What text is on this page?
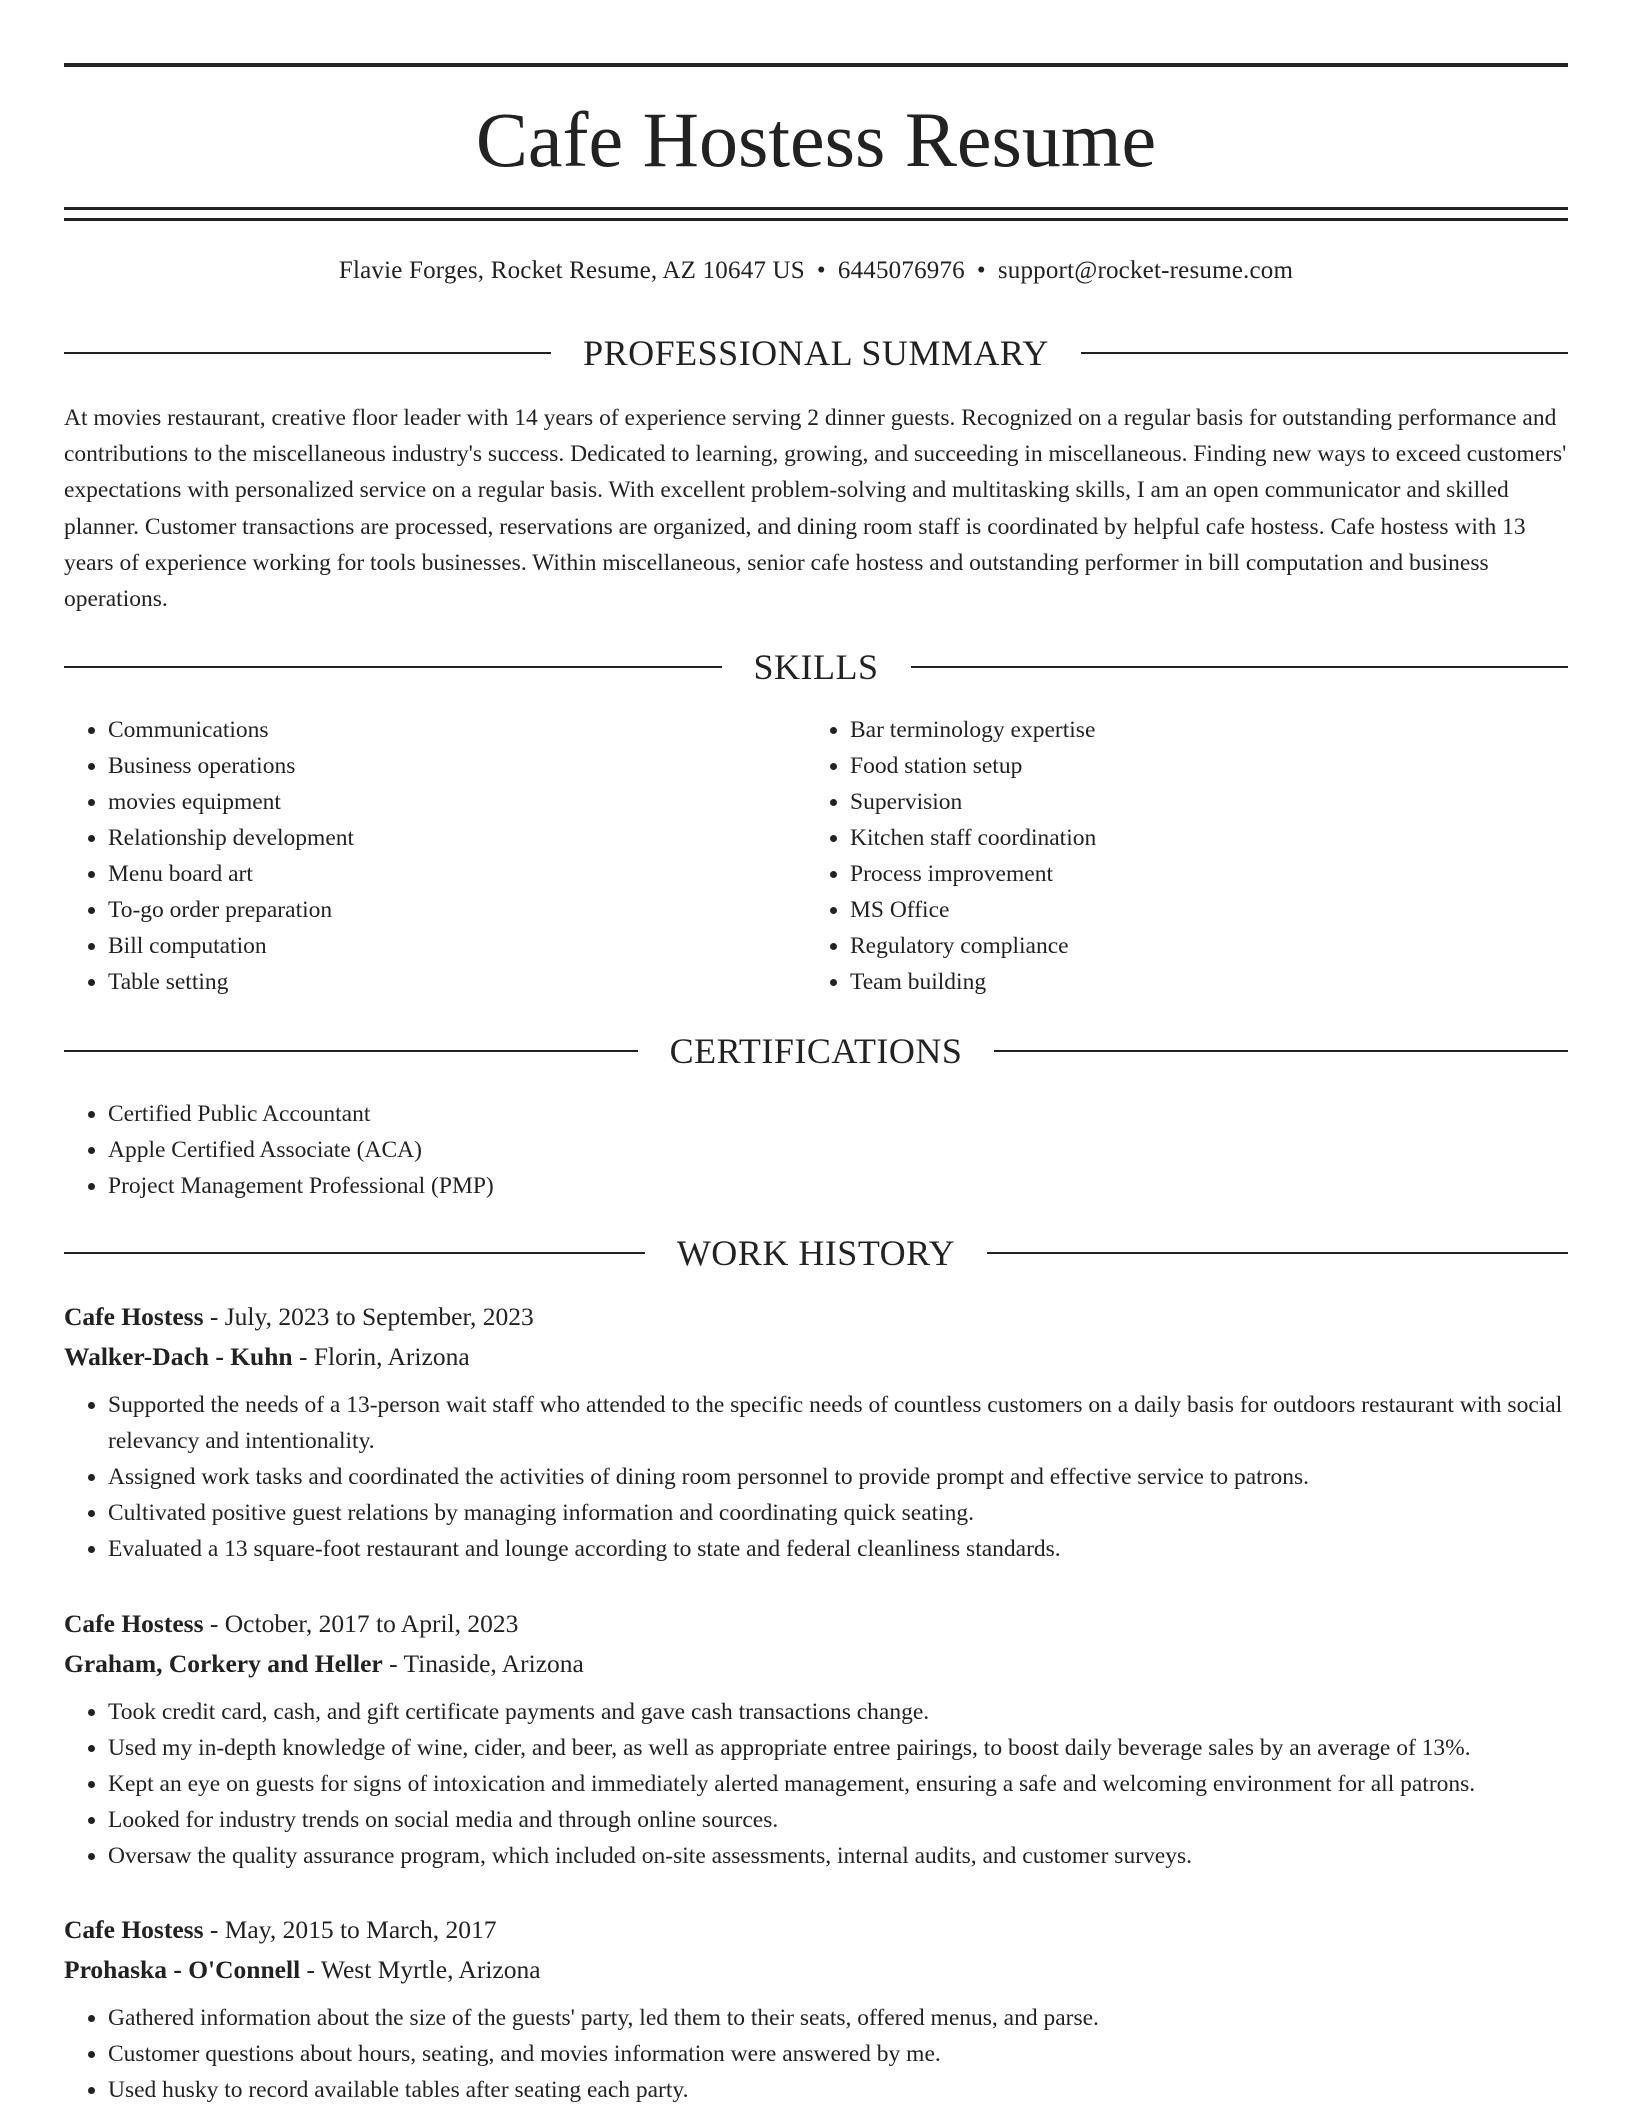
Cafe Hostess Resume
Flavie Forges, Rocket Resume, AZ 10647 US • 6445076976 • support@rocket-resume.com
PROFESSIONAL SUMMARY

At movies restaurant, creative floor leader with 14 years of experience serving 2 dinner guests. Recognized on a regular basis for outstanding performance and contributions to the miscellaneous industry's success. Dedicated to learning, growing, and succeeding in miscellaneous. Finding new ways to exceed customers' expectations with personalized service on a regular basis. With excellent problem-solving and multitasking skills, I am an open communicator and skilled planner. Customer transactions are processed, reservations are organized, and dining room staff is coordinated by helpful cafe hostess. Cafe hostess with 13 years of experience working for tools businesses. Within miscellaneous, senior cafe hostess and outstanding performer in bill computation and business operations.

SKILLS
• Communications
• Business operations
• movies equipment
• Relationship development
• Menu board art
• To-go order preparation
• Bill computation
• Table setting
• Bar terminology expertise
• Food station setup
• Supervision
• Kitchen staff coordination
• Process improvement
• MS Office
• Regulatory compliance
• Team building
CERTIFICATIONS
• Certified Public Accountant
• Apple Certified Associate (ACA)
• Project Management Professional (PMP)
WORK HISTORY

Cafe Hostess - July, 2023 to September, 2023

Walker-Dach - Kuhn - Florin, Arizona

• Supported the needs of a 13-person wait staff who attended to the specific needs of countless customers on a daily basis for outdoors restaurant with social relevancy and intentionality.
• Assigned work tasks and coordinated the activities of dining room personnel to provide prompt and effective service to patrons.
• Cultivated positive guest relations by managing information and coordinating quick seating.
• Evaluated a 13 square-foot restaurant and lounge according to state and federal cleanliness standards.

Cafe Hostess - October, 2017 to April, 2023

Graham, Corkery and Heller - Tinaside, Arizona

• Took credit card, cash, and gift certificate payments and gave cash transactions change.
• Used my in-depth knowledge of wine, cider, and beer, as well as appropriate entree pairings, to boost daily beverage sales by an average of 13%.
• Kept an eye on guests for signs of intoxication and immediately alerted management, ensuring a safe and welcoming environment for all patrons.
• Looked for industry trends on social media and through online sources.
• Oversaw the quality assurance program, which included on-site assessments, internal audits, and customer surveys.

Cafe Hostess - May, 2015 to March, 2017

Prohaska - O'Connell - West Myrtle, Arizona

• Gathered information about the size of the guests' party, led them to their seats, offered menus, and parse.
• Customer questions about hours, seating, and movies information were answered by me.
• Used husky to record available tables after seating each party.
